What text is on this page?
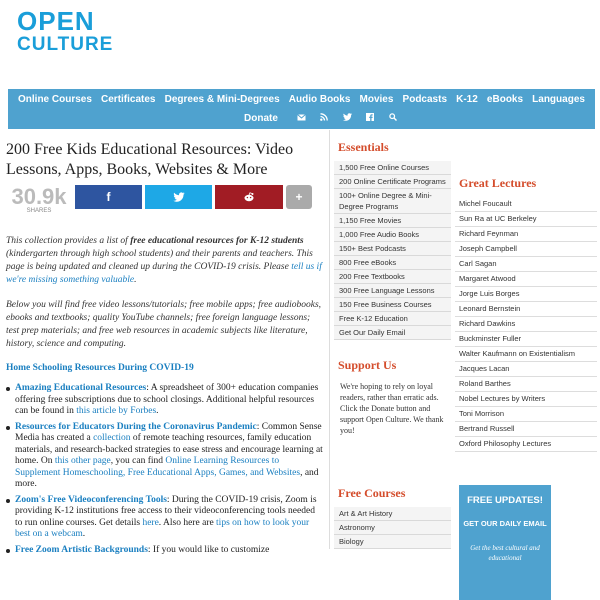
OPEN
CULTURE
Online Courses Certificates Degrees & Mini-Degrees Audio Books Movies Podcasts K-12 eBooks Languages
Donate
200 Free Kids Educational Resources: Video Lessons, Apps, Books, Websites & More
30.9k
SHARES
f	+

This collection provides a list of free educational resources for K-12 students (kindergarten through high school students) and their parents and teachers. This page is being updated and cleaned up during the COVID-19 crisis. Please tell us if we're missing something valuable.

Below you will find free video lessons/tutorials; free mobile apps; free audiobooks, ebooks and textbooks; quality YouTube channels; free foreign language lessons; test prep materials; and free web resources in academic subjects like literature, history, science and computing.

Home Schooling Resources During COVID-19
Amazing Educational Resources: A spreadsheet of 300+ education companies offering free subscriptions due to school closings. Additional helpful resources can be found in this article by Forbes.
Resources for Educators During the Coronavirus Pandemic: Common Sense Media has created a collection of remote teaching resources, family education materials, and research-backed strategies to ease stress and encourage learning at home. On this other page, you can find Online Learning Resources to Supplement Homeschooling, Free Educational Apps, Games, and Websites, and more.
Zoom's Free Videoconferencing Tools: During the COVID-19 crisis, Zoom is providing K-12 institutions free access to their videoconferencing tools needed to run online courses. Get details here. Also here are tips on how to look your best on a webcam.
Free Zoom Artistic Backgrounds: If you would like to customize
Essentials
1,500 Free Online Courses
200 Online Certificate Programs
100+ Online Degree & Mini-Degree Programs
1,150 Free Movies
1,000 Free Audio Books
150+ Best Podcasts
800 Free eBooks
200 Free Textbooks
300 Free Language Lessons
150 Free Business Courses
Free K-12 Education
Get Our Daily Email
Support Us

We're hoping to rely on loyal readers, rather than erratic ads. Click the Donate button and support Open Culture. We thank you!

Free Courses
Art & Art History
Astronomy
Biology
Great Lectures
Michel Foucault
Sun Ra at UC Berkeley
Richard Feynman
Joseph Campbell
Carl Sagan
Margaret Atwood
Jorge Luis Borges
Leonard Bernstein
Richard Dawkins
Buckminster Fuller
Walter Kaufmann on Existentialism
Jacques Lacan
Roland Barthes
Nobel Lectures by Writers
Toni Morrison
Bertrand Russell
Oxford Philosophy Lectures
FREE UPDATES!
GET OUR DAILY EMAIL
Get the best cultural and educational
